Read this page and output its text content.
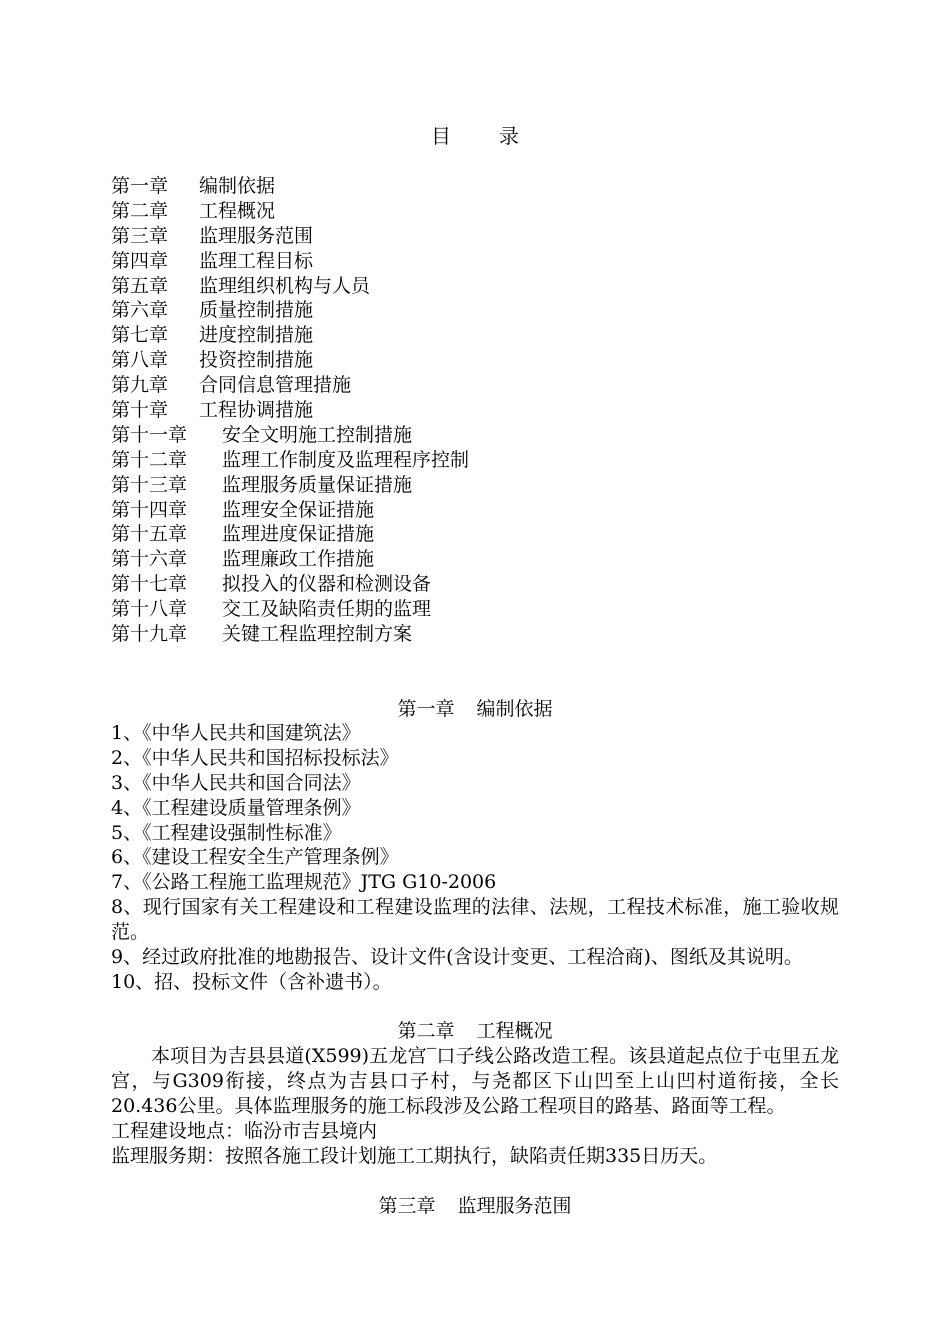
目 录
第一章 编制依据
第二章 工程概况
第三章 监理服务范围
第四章 监理工程目标
第五章 监理组织机构与人员
第六章 质量控制措施
第七章 进度控制措施
第八章 投资控制措施
第九章 合同信息管理措施
第十章 工程协调措施
第十一章 安全文明施工控制措施
第十二章 监理工作制度及监理程序控制
第十三章 监理服务质量保证措施
第十四章 监理安全保证措施
第十五章 监理进度保证措施
第十六章 监理廉政工作措施
第十七章 拟投入的仪器和检测设备
第十八章 交工及缺陷责任期的监理
第十九章 关键工程监理控制方案
第一章 编制依据
1、《中华人民共和国建筑法》
2、《中华人民共和国招标投标法》
3、《中华人民共和国合同法》
4、《工程建设质量管理条例》
5、《工程建设强制性标准》
6、《建设工程安全生产管理条例》
7、《公路工程施工监理规范》JTG G10-2006
8、现行国家有关工程建设和工程建设监理的法律、法规，工程技术标准，施工验收规范。
9、经过政府批准的地勘报告、设计文件(含设计变更、工程洽商)、图纸及其说明。
10、招、投标文件（含补遗书）。
第二章 工程概况
本项目为吉县县道(X599)五龙宫‾口子线公路改造工程。该县道起点位于屯里五龙宫，与G309衔接，终点为吉县口子村，与尧都区下山凹至上山凹村道衔接，全长20.436公里。具体监理服务的施工标段涉及公路工程项目的路基、路面等工程。
工程建设地点：临汾市吉县境内
监理服务期：按照各施工段计划施工工期执行，缺陷责任期335日历天。
第三章 监理服务范围
